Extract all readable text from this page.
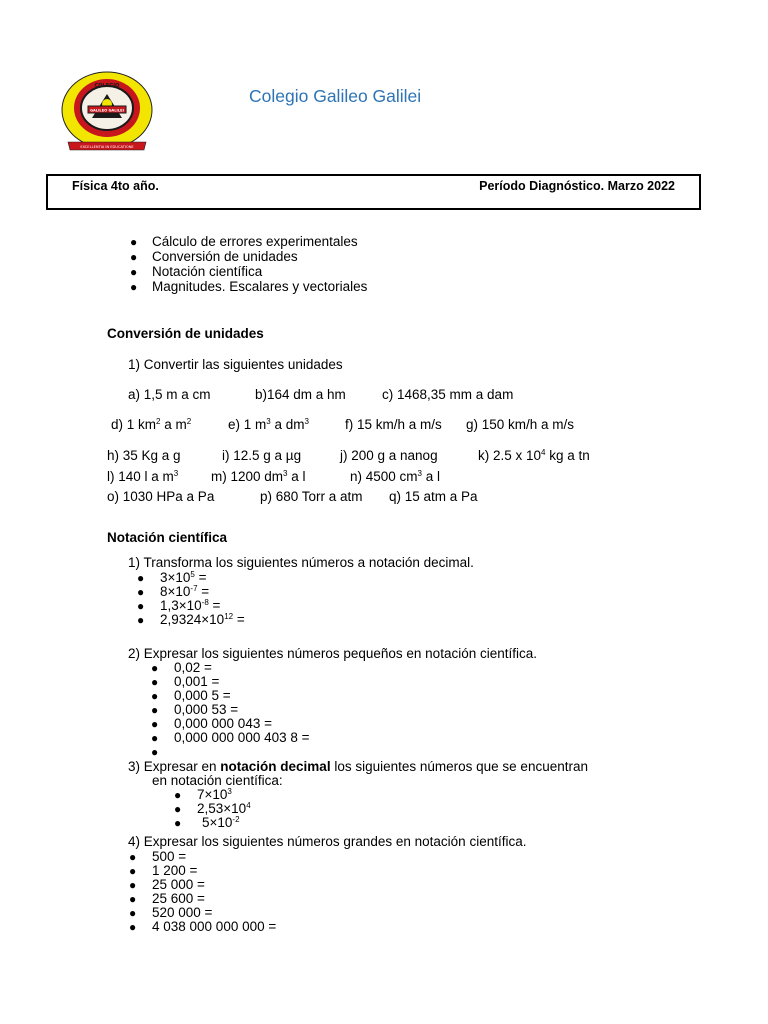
COLEGIO
GALILEO GALILEI
EXCELLENTIA IN EDUCATIONE
Colegio Galileo Galilei
Física 4to año.	Período Diagnóstico. Marzo 2022
● Cálculo de errores experimentales
● Conversión de unidades
● Notación científica
● Magnitudes. Escalares y vectoriales
Conversión de unidades
1) Convertir las siguientes unidades
a) 1,5 m a cm	b)164 dm a hm	c) 1468,35 mm a dam
d) 1 $km^2$ a $m^2$	e) 1 $m^3$ a $dm^3$	f) 15 km/h a m/s g) 150 km/h a m/s
h) 35 Kg a g	i) 12.5 g a µg	j) 200 g a nanog	k) 2.5 x $10^4$ kg a tn
l) 140 l a $m^3$ m) 1200 $dm^3$ a l	n) 4500 $cm^3$ a l
o) 1030 HPa a Pa	p) 680 Torr a atm q) 15 atm a Pa
Notación científica
1) Transforma los siguientes números a notación decimal.
● $3\times 10^5$ =
● $8\times 10^{-7}$ =
● $1,3\times 10^{-8}$ =
● $2,9324\times 10^{12}$ =
2) Expresar los siguientes números pequeños en notación científica.
● 0,02 =
● 0,001 =
● 0,000 5 =
● 0,000 53 =
● 0,000 000 043 =
● 0,000 000 000 403 8 =
●
3) Expresar en notación decimal los siguientes números que se encuentran
en notación científica:
● $7\times 10^3$
● $2,53\times 10^4$
● $5\times 10^{-2}$
4) Expresar los siguientes números grandes en notación científica.
● 500 =
● 1 200 =
● 25 000 =
● 25 600 =
● 520 000 =
● 4 038 000 000 000 =
